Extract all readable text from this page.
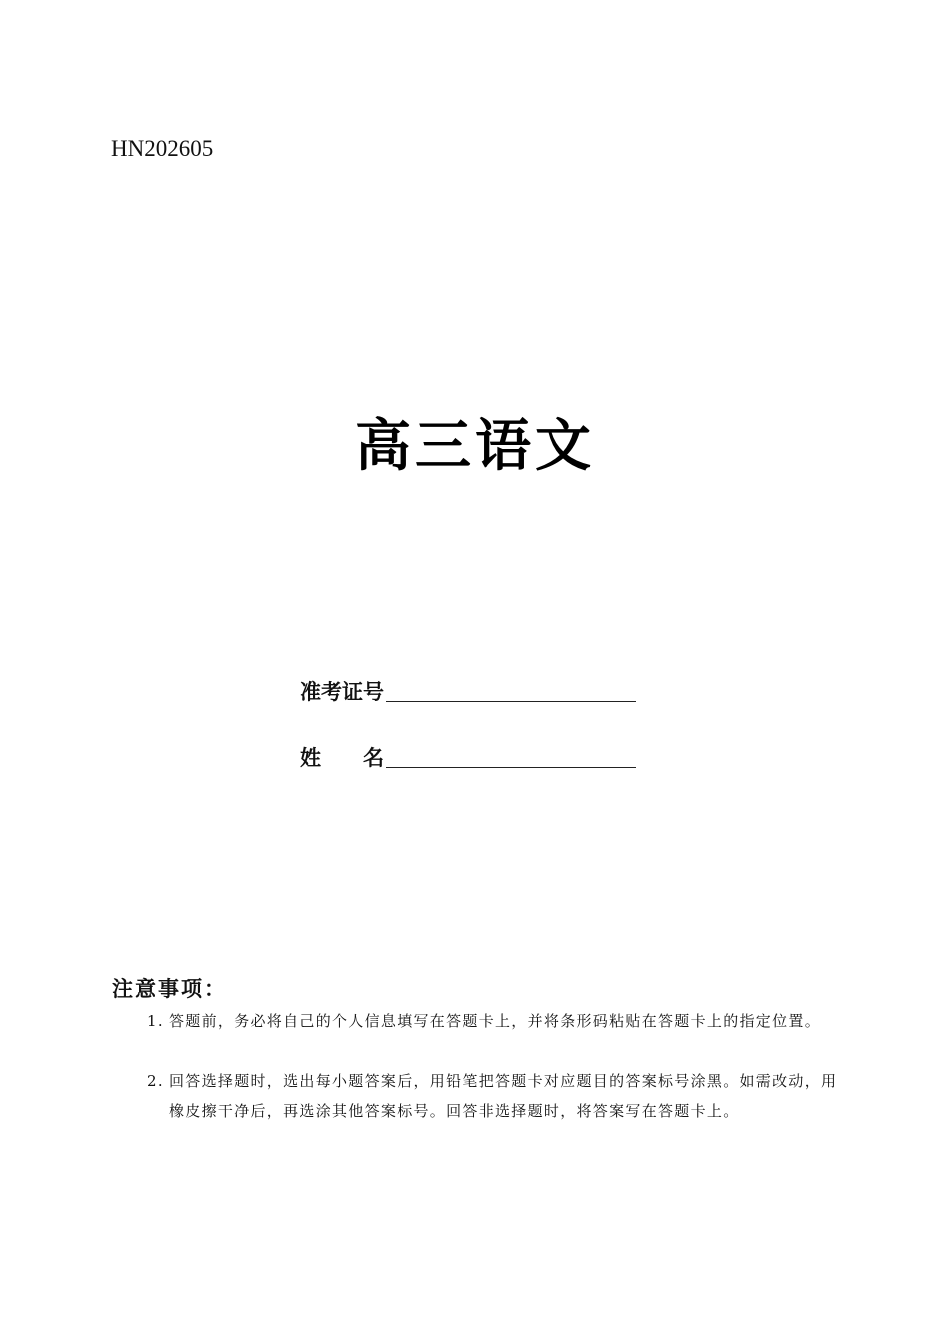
HN202605
高三语文
准考证号
姓　　名
注意事项：
1. 答题前，务必将自己的个人信息填写在答题卡上，并将条形码粘贴在答题卡上的指定位置。
2. 回答选择题时，选出每小题答案后，用铅笔把答题卡对应题目的答案标号涂黑。如需改动，用橡皮擦干净后，再选涂其他答案标号。回答非选择题时，将答案写在答题卡上。
